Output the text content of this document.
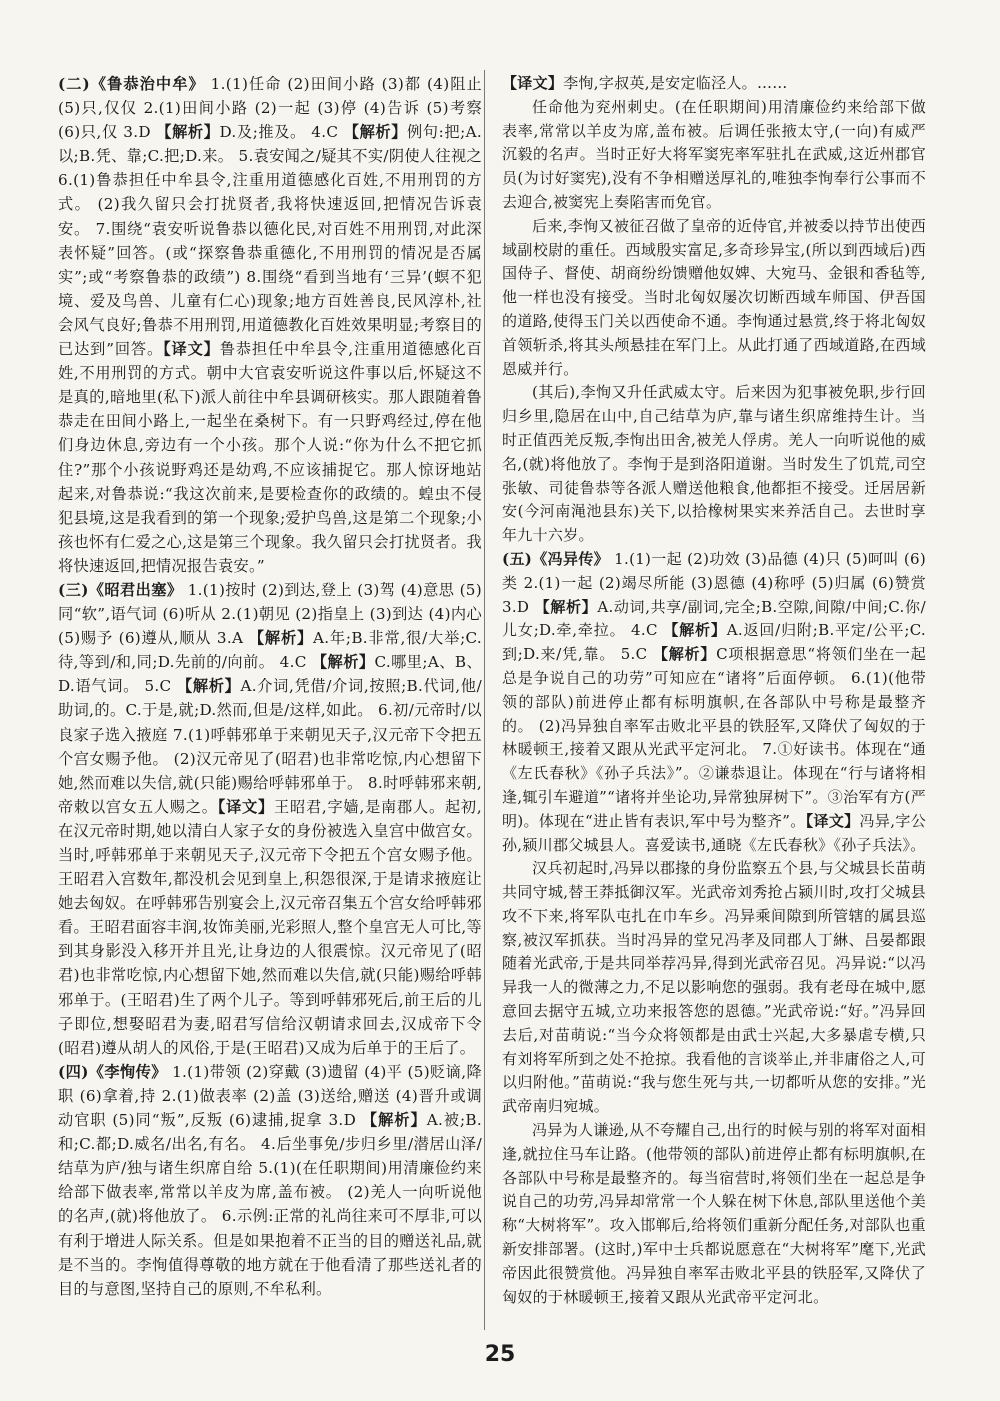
(二)《鲁恭治中牟》 1.(1)任命 (2)田间小路 (3)都 (4)阻止 (5)只,仅仅 2.(1)田间小路 (2)一起 (3)停 (4)告诉 (5)考察 (6)只,仅 3.D 【解析】D.及;推及。 4.C 【解析】例句:把;A.以;B.凭、靠;C.把;D.来。 5.袁安闻之/疑其不实/阴使人往视之 6.(1)鲁恭担任中牟县令,注重用道德感化百姓,不用刑罚的方式。 (2)我久留只会打扰贤者,我将快速返回,把情况告诉袁安。 7.围绕“袁安听说鲁恭以德化民,对百姓不用刑罚,对此深表怀疑”回答。(或“探察鲁恭重德化,不用刑罚的情况是否属实”;或“考察鲁恭的政绩”) 8.围绕“看到当地有‘三异’(螟不犯境、爱及鸟兽、儿童有仁心)现象;地方百姓善良,民风淳朴,社会风气良好;鲁恭不用刑罚,用道德教化百姓效果明显;考察目的已达到”回答。【译文】鲁恭担任中牟县令,注重用道德感化百姓,不用刑罚的方式。朝中大官袁安听说这件事以后,怀疑这不是真的,暗地里(私下)派人前往中牟县调研核实。那人跟随着鲁恭走在田间小路上,一起坐在桑树下。有一只野鸡经过,停在他们身边休息,旁边有一个小孩。那个人说:“你为什么不把它抓住?”那个小孩说野鸡还是幼鸡,不应该捕捉它。那人惊讶地站起来,对鲁恭说:“我这次前来,是要检查你的政绩的。蝗虫不侵犯县境,这是我看到的第一个现象;爱护鸟兽,这是第二个现象;小孩也怀有仁爱之心,这是第三个现象。我久留只会打扰贤者。我将快速返回,把情况报告袁安。”

(三)《昭君出塞》 1.(1)按时 (2)到达,登上 (3)驾 (4)意思 (5)同“软”,语气词 (6)听从 2.(1)朝见 (2)指皇上 (3)到达 (4)内心 (5)赐予 (6)遵从,顺从 3.A 【解析】A.年;B.非常,很/大举;C.待,等到/和,同;D.先前的/向前。 4.C 【解析】C.哪里;A、B、D.语气词。 5.C 【解析】A.介词,凭借/介词,按照;B.代词,他/助词,的。C.于是,就;D.然而,但是/这样,如此。 6.初/元帝时/以良家子选入掖庭 7.(1)呼韩邪单于来朝见天子,汉元帝下令把五个宫女赐予他。 (2)汉元帝见了(昭君)也非常吃惊,内心想留下她,然而难以失信,就(只能)赐给呼韩邪单于。 8.时呼韩邪来朝,帝敕以宫女五人赐之。【译文】王昭君,字嫱,是南郡人。起初,在汉元帝时期,她以清白人家子女的身份被选入皇宫中做宫女。当时,呼韩邪单于来朝见天子,汉元帝下令把五个宫女赐予他。王昭君入宫数年,都没机会见到皇上,积怨很深,于是请求掖庭让她去匈奴。在呼韩邪告别宴会上,汉元帝召集五个宫女给呼韩邪看。王昭君面容丰润,妆饰美丽,光彩照人,整个皇宫无人可比,等到其身影没入移开并且光,让身边的人很震惊。汉元帝见了(昭君)也非常吃惊,内心想留下她,然而难以失信,就(只能)赐给呼韩邪单于。(王昭君)生了两个儿子。等到呼韩邪死后,前王后的儿子即位,想娶昭君为妻,昭君写信给汉朝请求回去,汉成帝下令(昭君)遵从胡人的风俗,于是(王昭君)又成为后单于的王后了。

(四)《李恂传》 1.(1)带领 (2)穿戴 (3)遗留 (4)平 (5)贬谪,降职 (6)拿着,持 2.(1)做表率 (2)盖 (3)送给,赠送 (4)晋升或调动官职 (5)同“叛”,反叛 (6)逮捕,捉拿 3.D 【解析】A.被;B.和;C.都;D.威名/出名,有名。 4.后坐事免/步归乡里/潜居山泽/结草为庐/独与诸生织席自给 5.(1)(在任职期间)用清廉俭约来给部下做表率,常常以羊皮为席,盖布被。 (2)羌人一向听说他的名声,(就)将他放了。 6.示例:正常的礼尚往来可不厚非,可以有利于增进人际关系。但是如果抱着不正当的目的赠送礼品,就是不当的。李恂值得尊敬的地方就在于他看清了那些送礼者的目的与意图,坚持自己的原则,不牟私利。

【译文】李恂,字叔英,是安定临泾人。……

任命他为兖州刺史。(在任职期间)用清廉俭约来给部下做表率,常常以羊皮为席,盖布被。后调任张掖太守,(一向)有威严沉毅的名声。当时正好大将军窦宪率军驻扎在武威,这近州郡官员(为讨好窦宪),没有不争相赠送厚礼的,唯独李恂奉行公事而不去迎合,被窦宪上奏陷害而免官。

后来,李恂又被征召做了皇帝的近侍官,并被委以持节出使西域副校尉的重任。西域殷实富足,多奇珍异宝,(所以到西域后)西国侍子、督使、胡商纷纷馈赠他奴婢、大宛马、金银和香毡等,他一样也没有接受。当时北匈奴屡次切断西域车师国、伊吾国的道路,使得玉门关以西使命不通。李恂通过悬赏,终于将北匈奴首领斩杀,将其头颅悬挂在军门上。从此打通了西域道路,在西域恩威并行。

(其后),李恂又升任武威太守。后来因为犯事被免职,步行回归乡里,隐居在山中,自己结草为庐,靠与诸生织席维持生计。当时正值西羌反叛,李恂出田舍,被羌人俘虏。羌人一向听说他的威名,(就)将他放了。李恂于是到洛阳道谢。当时发生了饥荒,司空张敏、司徒鲁恭等各派人赠送他粮食,他都拒不接受。迁居居新安(今河南渑池县东)关下,以拾橡树果实来养活自己。去世时享年九十六岁。

(五)《冯异传》 1.(1)一起 (2)功效 (3)品德 (4)只 (5)呵叫 (6)类 2.(1)一起 (2)竭尽所能 (3)恩德 (4)称呼 (5)归属 (6)赞赏 3.D 【解析】A.动词,共享/副词,完全;B.空隙,间隙/中间;C.你/儿女;D.牵,牵拉。 4.C 【解析】A.返回/归附;B.平定/公平;C.到;D.来/凭,靠。 5.C 【解析】C项根据意思“将领们坐在一起总是争说自己的功劳”可知应在“诸将”后面停顿。 6.(1)(他带领的部队)前进停止都有标明旗帜,在各部队中号称是最整齐的。 (2)冯异独自率军击败北平县的铁胫军,又降伏了匈奴的于林暖顿王,接着又跟从光武平定河北。 7.①好读书。体现在“通《左氏春秋》《孙子兵法》”。②谦恭退让。体现在“行与诸将相逢,辄引车避道”“诸将并坐论功,异常独屏树下”。③治军有方(严明)。体现在“进止皆有表识,军中号为整齐”。【译文】冯异,字公孙,颍川郡父城县人。喜爱读书,通晓《左氏春秋》《孙子兵法》。

汉兵初起时,冯异以郡掾的身份监察五个县,与父城县长苗萌共同守城,替王莽抵御汉军。光武帝刘秀抢占颍川时,攻打父城县攻不下来,将军队屯扎在巾车乡。冯异乘间隙到所管辖的属县巡察,被汉军抓获。当时冯异的堂兄冯孝及同郡人丁綝、吕晏都跟随着光武帝,于是共同举荐冯异,得到光武帝召见。冯异说:“以冯异我一人的微薄之力,不足以影响您的强弱。我有老母在城中,愿意回去据守五城,立功来报答您的恩德。”光武帝说:“好。”冯异回去后,对苗萌说:“当今众将领都是由武士兴起,大多暴虐专横,只有刘将军所到之处不抢掠。我看他的言谈举止,并非庸俗之人,可以归附他。”苗萌说:“我与您生死与共,一切都听从您的安排。”光武帝南归宛城。

冯异为人谦逊,从不夸耀自己,出行的时候与别的将军对面相逢,就拉住马车让路。(他带领的部队)前进停止都有标明旗帜,在各部队中号称是最整齐的。每当宿营时,将领们坐在一起总是争说自己的功劳,冯异却常常一个人躲在树下休息,部队里送他个美称“大树将军”。攻入邯郸后,给将领们重新分配任务,对部队也重新安排部署。(这时,)军中士兵都说愿意在“大树将军”麾下,光武帝因此很赞赏他。冯异独自率军击败北平县的铁胫军,又降伏了匈奴的于林暖顿王,接着又跟从光武帝平定河北。

25
